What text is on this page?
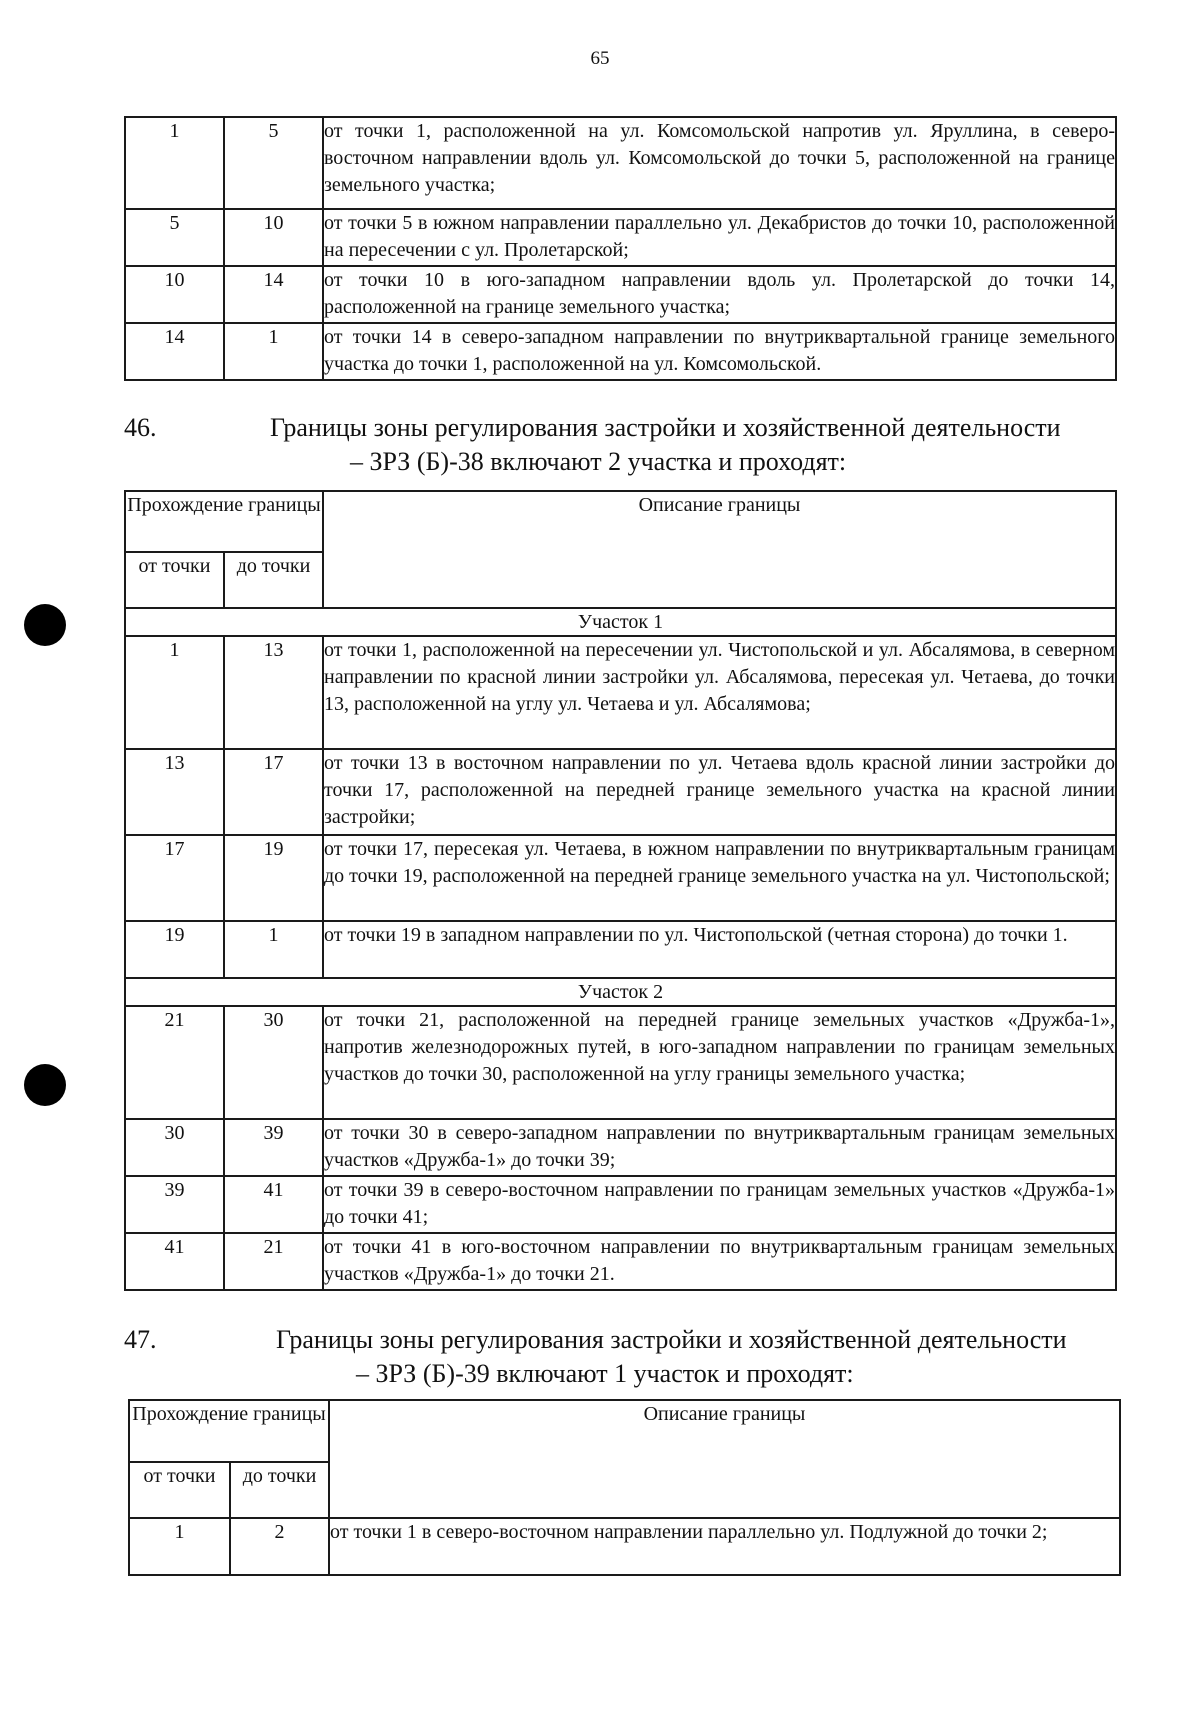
65
1	5	от точки 1, расположенной на ул. Комсомольской напротив ул. Яруллина, в северо-восточном направлении вдоль ул. Комсомольской до точки 5, расположенной на границе земельного участка;
5	10	от точки 5 в южном направлении параллельно ул. Декабристов до точки 10, расположенной на пересечении с ул. Пролетарской;
10	14	от точки 10 в юго-западном направлении вдоль ул. Пролетарской до точки 14, расположенной на границе земельного участка;
14	1	от точки 14 в северо-западном направлении по внутриквартальной границе земельного участка до точки 1, расположенной на ул. Комсомольской.
46.	Границы зоны регулирования застройки и хозяйственной деятельности
– ЗРЗ (Б)-38 включают 2 участка и проходят:
Прохождение границы		Описание границы
от точки	до точки	
Участок 1		
1	13	от точки 1, расположенной на пересечении ул. Чистопольской и ул. Абсалямова, в северном направлении по красной линии застройки ул. Абсалямова, пересекая ул. Четаева, до точки 13, расположенной на углу ул. Четаева и ул. Абсалямова;
13	17	от точки 13 в восточном направлении по ул. Четаева вдоль красной линии застройки до точки 17, расположенной на передней границе земельного участка на красной линии застройки;
17	19	от точки 17, пересекая ул. Четаева, в южном направлении по внутриквартальным границам до точки 19, расположенной на передней границе земельного участка на ул. Чистопольской;
19	1	от точки 19 в западном направлении по ул. Чистопольской (четная сторона) до точки 1.
Участок 2		
21	30	от точки 21, расположенной на передней границе земельных участков «Дружба-1», напротив железнодорожных путей, в юго-западном направлении по границам земельных участков до точки 30, расположенной на углу границы земельного участка;
30	39	от точки 30 в северо-западном направлении по внутриквартальным границам земельных участков «Дружба-1» до точки 39;
39	41	от точки 39 в северо-восточном направлении по границам земельных участков «Дружба-1» до точки 41;
41	21	от точки 41 в юго-восточном направлении по внутриквартальным границам земельных участков «Дружба-1» до точки 21.
47.	Границы зоны регулирования застройки и хозяйственной деятельности
– ЗРЗ (Б)-39 включают 1 участок и проходят:
Прохождение границы		Описание границы
от точки	до точки	
1	2	от точки 1 в северо-восточном направлении параллельно ул. Подлужной до точки 2;
